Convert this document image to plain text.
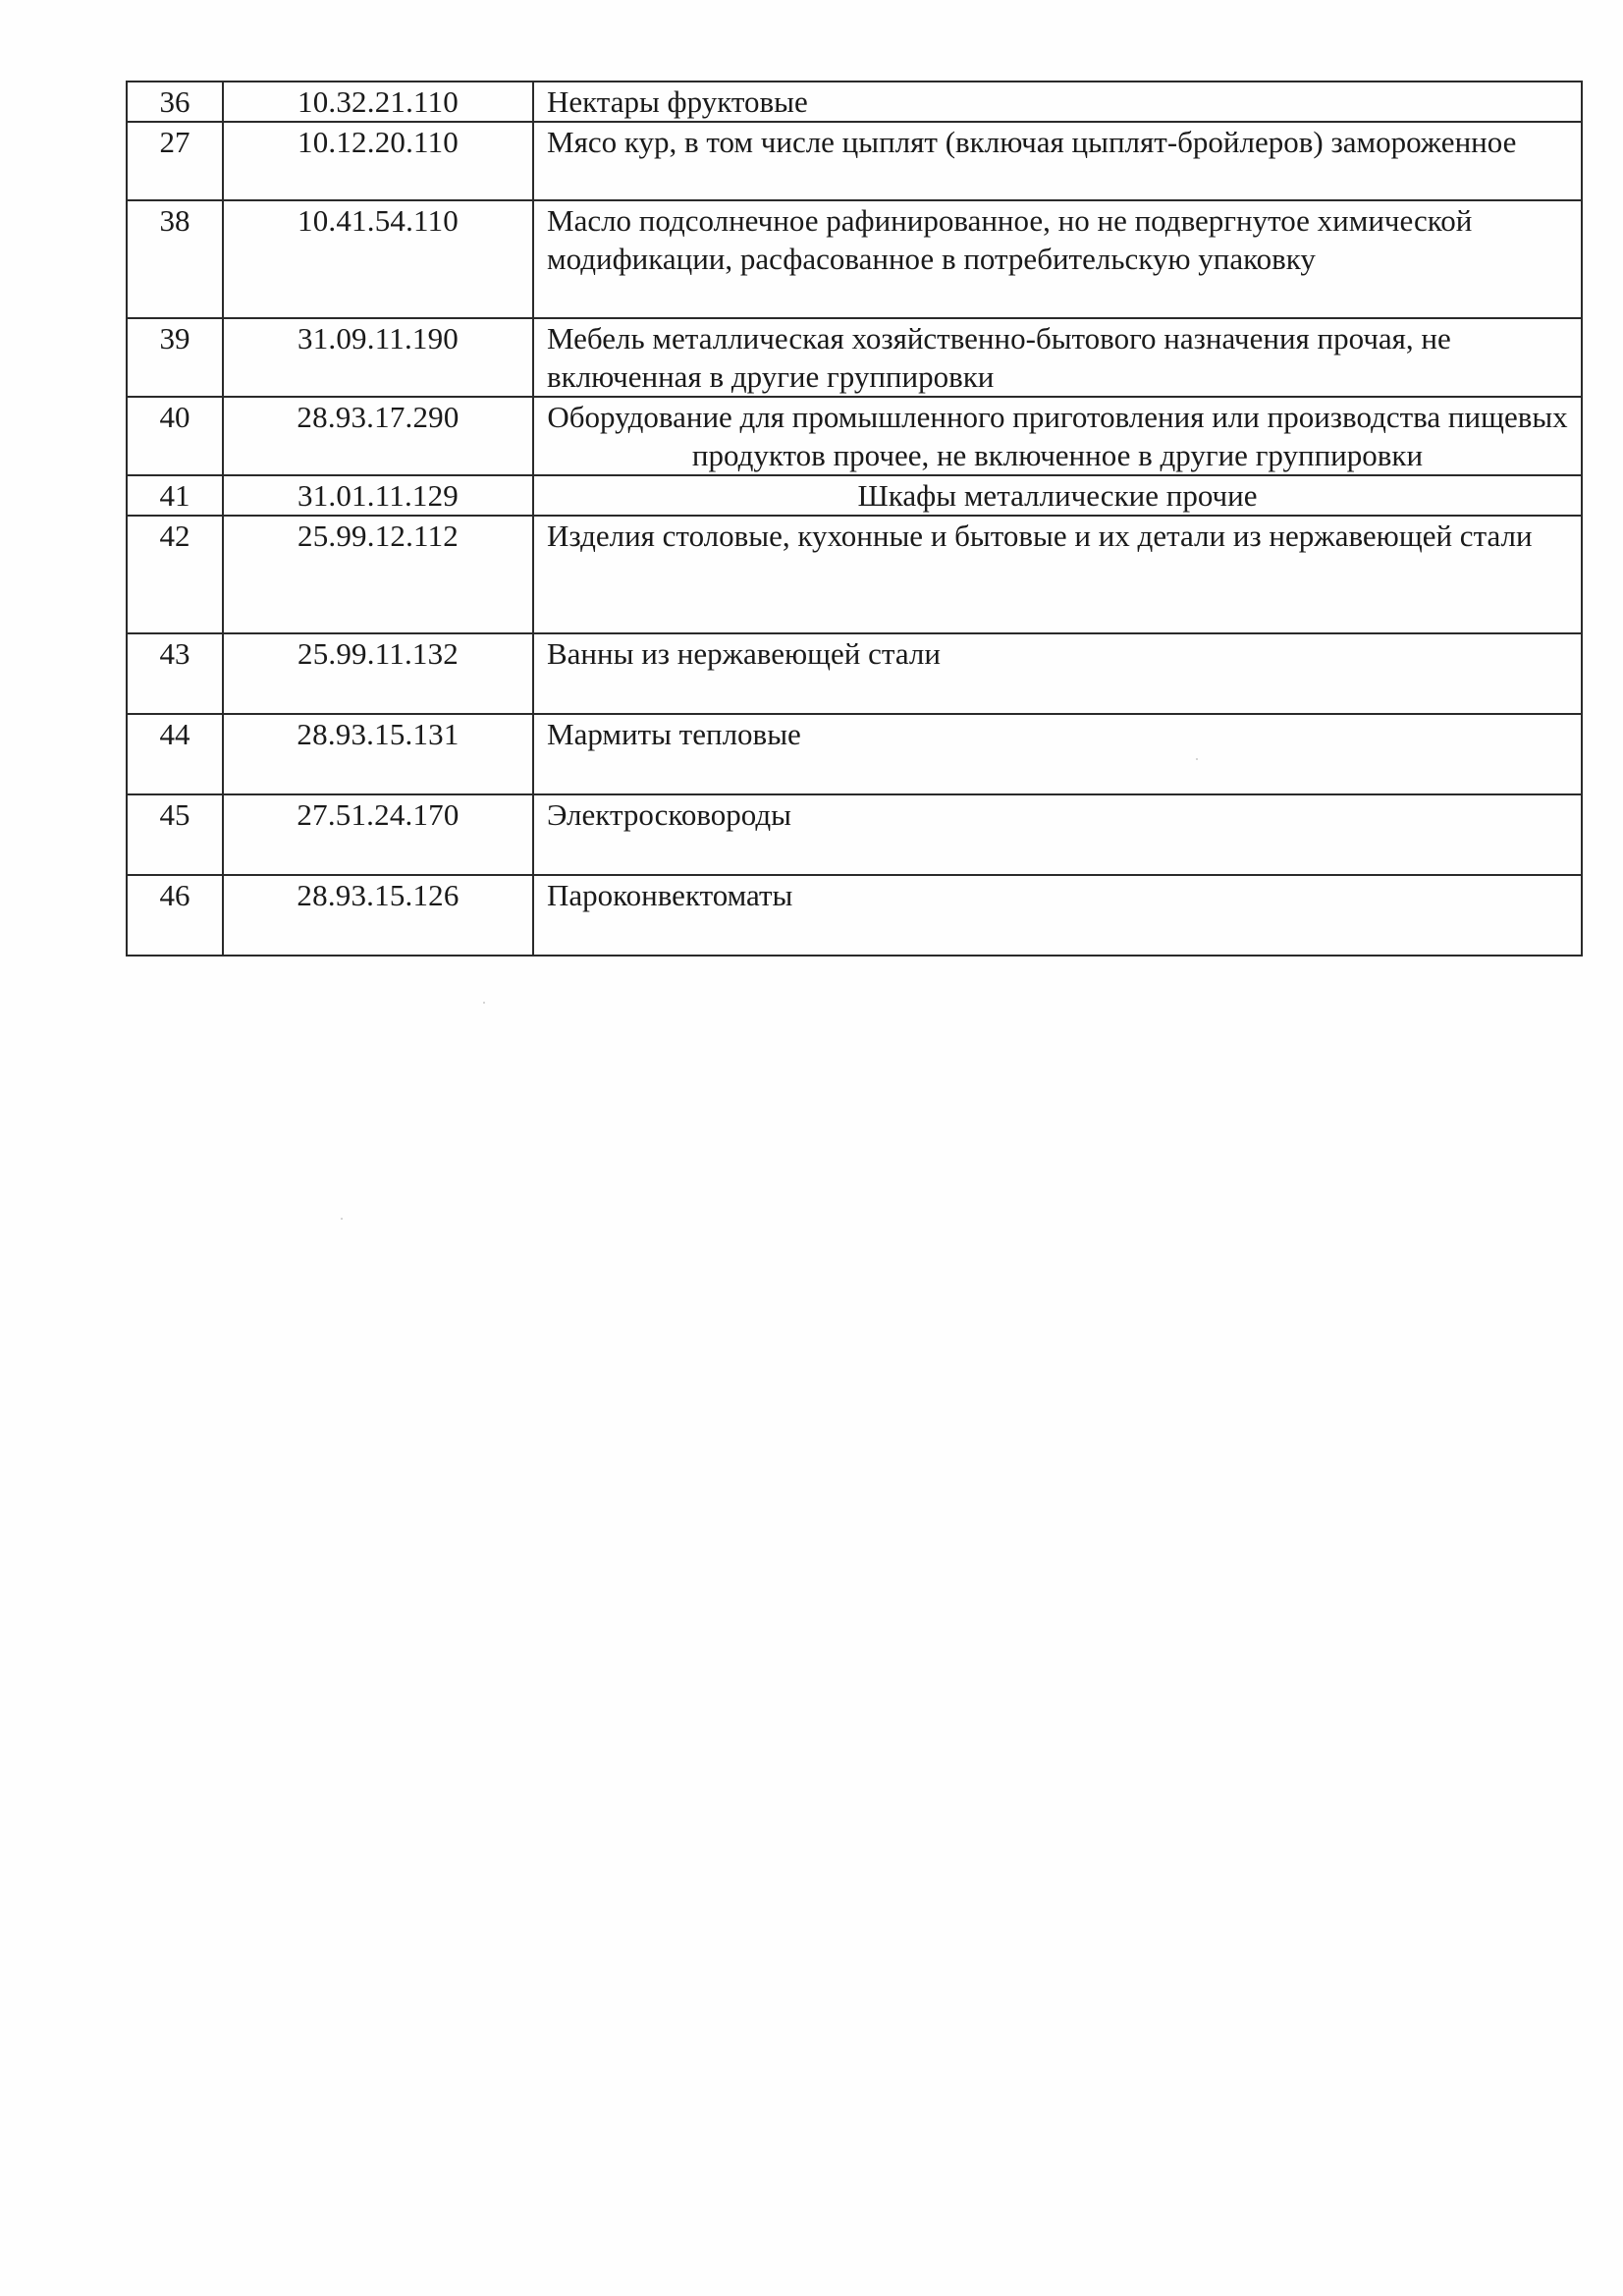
36	10.32.21.110	Нектары фруктовые
27	10.12.20.110	Мясо кур, в том числе цыплят (включая цыплят-бройлеров) замороженное
38	10.41.54.110	Масло подсолнечное рафинированное, но не подвергнутое химической модификации, расфасованное в потребительскую упаковку
39	31.09.11.190	Мебель металлическая хозяйственно-бытового назначения прочая, не включенная в другие группировки
40	28.93.17.290	Оборудование для промышленного приготовления или производства пищевых продуктов прочее, не включенное в другие группировки
41	31.01.11.129	Шкафы металлические прочие
42	25.99.12.112	Изделия столовые, кухонные и бытовые и их детали из нержавеющей стали
43	25.99.11.132	Ванны из нержавеющей стали
44	28.93.15.131	Мармиты тепловые
45	27.51.24.170	Электросковороды
46	28.93.15.126	Пароконвектоматы
